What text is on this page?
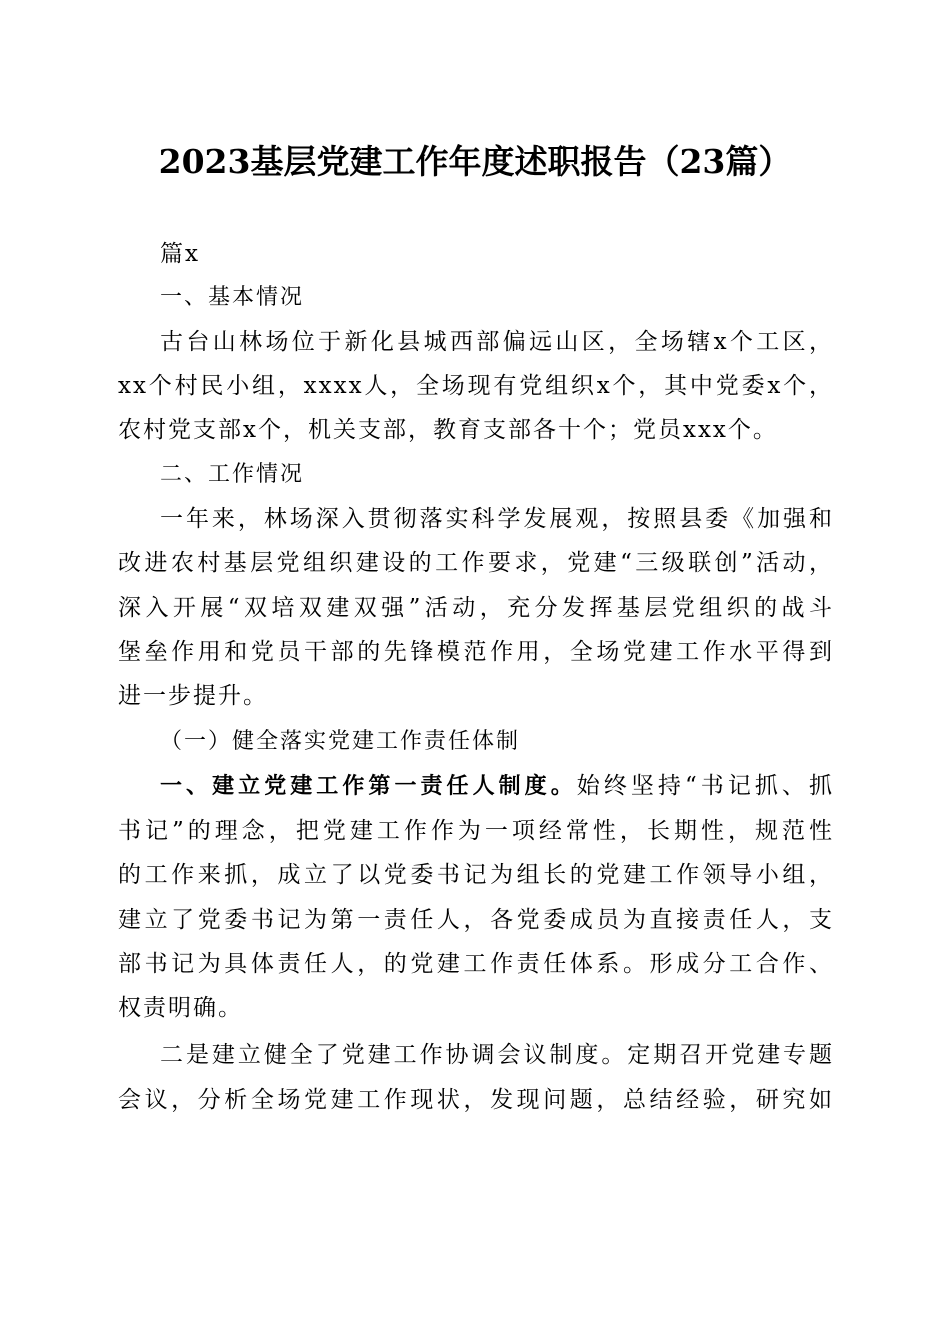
2023基层党建工作年度述职报告（23篇）

篇x

一、基本情况

古台山林场位于新化县城西部偏远山区，全场辖x个工区，

xx个村民小组，xxxx人，全场现有党组织x个，其中党委x个，

农村党支部x个，机关支部，教育支部各十个；党员xxx个。

二、工作情况

一年来，林场深入贯彻落实科学发展观，按照县委《加强和

改进农村基层党组织建设的工作要求，党建“三级联创”活动，

深入开展“双培双建双强”活动，充分发挥基层党组织的战斗

堡垒作用和党员干部的先锋模范作用，全场党建工作水平得到

进一步提升。

（一）健全落实党建工作责任体制

一、建立党建工作第一责任人制度。始终坚持“书记抓、抓

书记”的理念，把党建工作作为一项经常性，长期性，规范性

的工作来抓，成立了以党委书记为组长的党建工作领导小组，

建立了党委书记为第一责任人，各党委成员为直接责任人，支

部书记为具体责任人，的党建工作责任体系。形成分工合作、

权责明确。

二是建立健全了党建工作协调会议制度。定期召开党建专题

会议，分析全场党建工作现状，发现问题，总结经验，研究如
